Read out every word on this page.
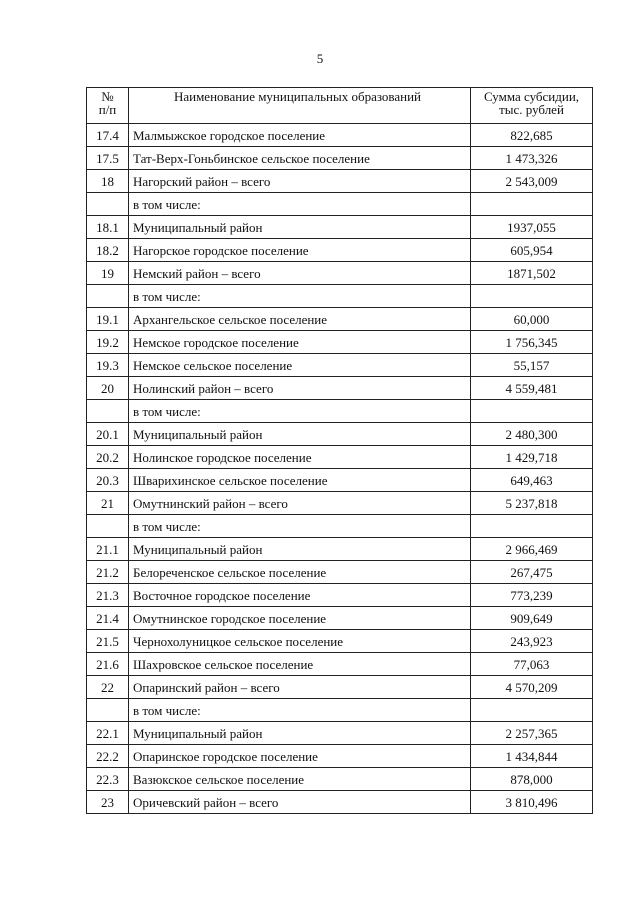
5
№
п/п	Наименование муниципальных образований	Сумма субсидии,
тыс. рублей
17.4	Малмыжское городское поселение	822,685
17.5	Тат-Верх-Гоньбинское сельское поселение	1 473,326
18	Нагорский район – всего	2 543,009
	в том числе:	
18.1	Муниципальный район	1937,055
18.2	Нагорское городское поселение	605,954
19	Немский район – всего	1871,502
	в том числе:	
19.1	Архангельское сельское поселение	60,000
19.2	Немское городское поселение	1 756,345
19.3	Немское сельское поселение	55,157
20	Нолинский район – всего	4 559,481
	в том числе:	
20.1	Муниципальный район	2 480,300
20.2	Нолинское городское поселение	1 429,718
20.3	Шварихинское сельское поселение	649,463
21	Омутнинский район – всего	5 237,818
	в том числе:	
21.1	Муниципальный район	2 966,469
21.2	Белореченское сельское поселение	267,475
21.3	Восточное городское поселение	773,239
21.4	Омутнинское городское поселение	909,649
21.5	Чернохолуницкое сельское поселение	243,923
21.6	Шахровское сельское поселение	77,063
22	Опаринский район – всего	4 570,209
	в том числе:	
22.1	Муниципальный район	2 257,365
22.2	Опаринское городское поселение	1 434,844
22.3	Вазюкское сельское поселение	878,000
23	Оричевский район – всего	3 810,496
